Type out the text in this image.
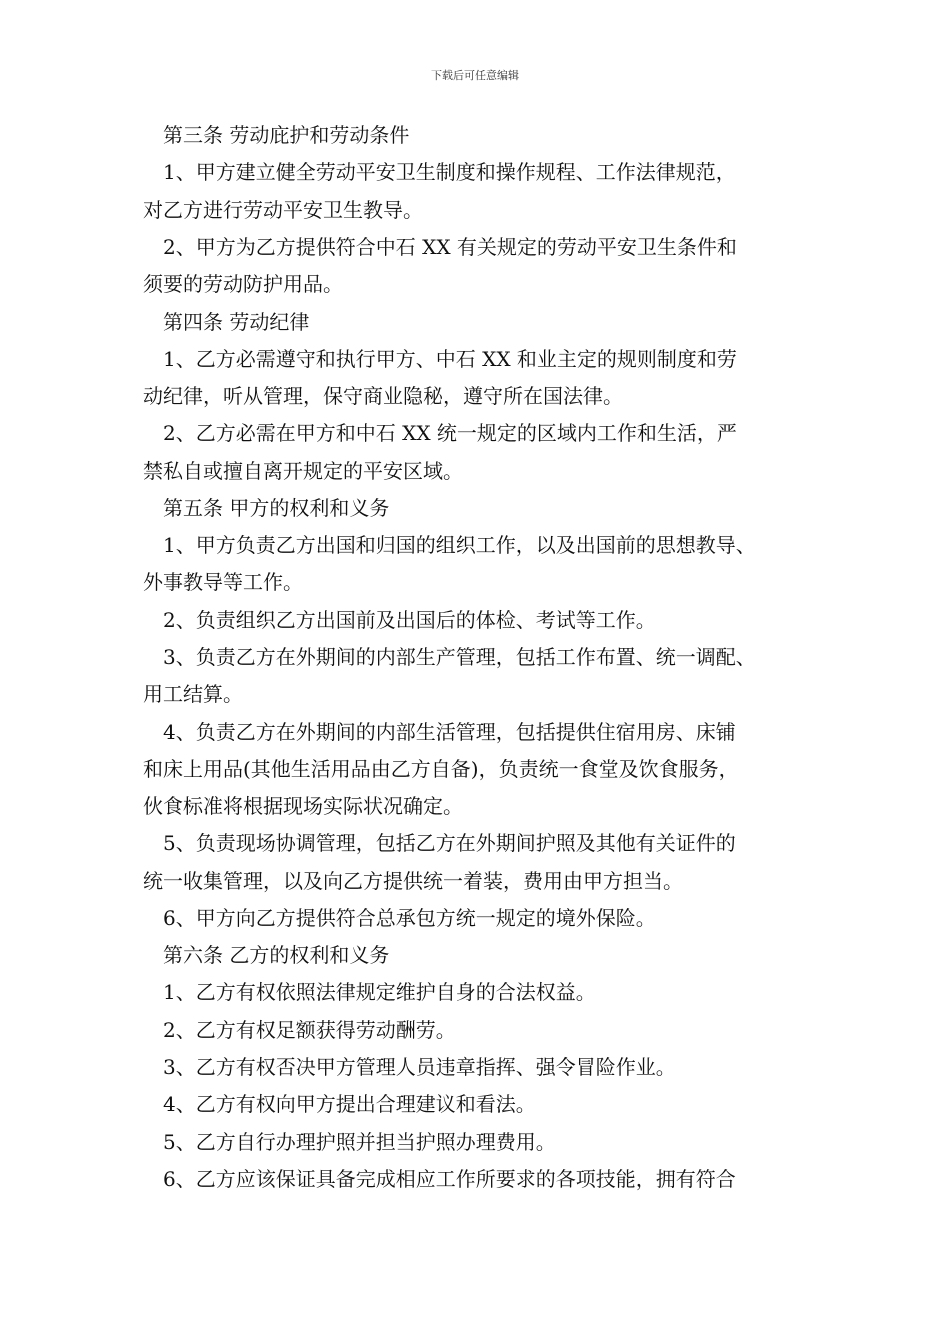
下载后可任意编辑
第三条 劳动庇护和劳动条件
1、甲方建立健全劳动平安卫生制度和操作规程、工作法律规范，
对乙方进行劳动平安卫生教导。
2、甲方为乙方提供符合中石 XX 有关规定的劳动平安卫生条件和
须要的劳动防护用品。
第四条 劳动纪律
1、乙方必需遵守和执行甲方、中石 XX 和业主定的规则制度和劳
动纪律，听从管理，保守商业隐秘，遵守所在国法律。
2、乙方必需在甲方和中石 XX 统一规定的区域内工作和生活，严
禁私自或擅自离开规定的平安区域。
第五条 甲方的权利和义务
1、甲方负责乙方出国和归国的组织工作，以及出国前的思想教导、
外事教导等工作。
2、负责组织乙方出国前及出国后的体检、考试等工作。
3、负责乙方在外期间的内部生产管理，包括工作布置、统一调配、
用工结算。
4、负责乙方在外期间的内部生活管理，包括提供住宿用房、床铺
和床上用品(其他生活用品由乙方自备)，负责统一食堂及饮食服务，
伙食标准将根据现场实际状况确定。
5、负责现场协调管理，包括乙方在外期间护照及其他有关证件的
统一收集管理，以及向乙方提供统一着装，费用由甲方担当。
6、甲方向乙方提供符合总承包方统一规定的境外保险。
第六条 乙方的权利和义务
1、乙方有权依照法律规定维护自身的合法权益。
2、乙方有权足额获得劳动酬劳。
3、乙方有权否决甲方管理人员违章指挥、强令冒险作业。
4、乙方有权向甲方提出合理建议和看法。
5、乙方自行办理护照并担当护照办理费用。
6、乙方应该保证具备完成相应工作所要求的各项技能，拥有符合
